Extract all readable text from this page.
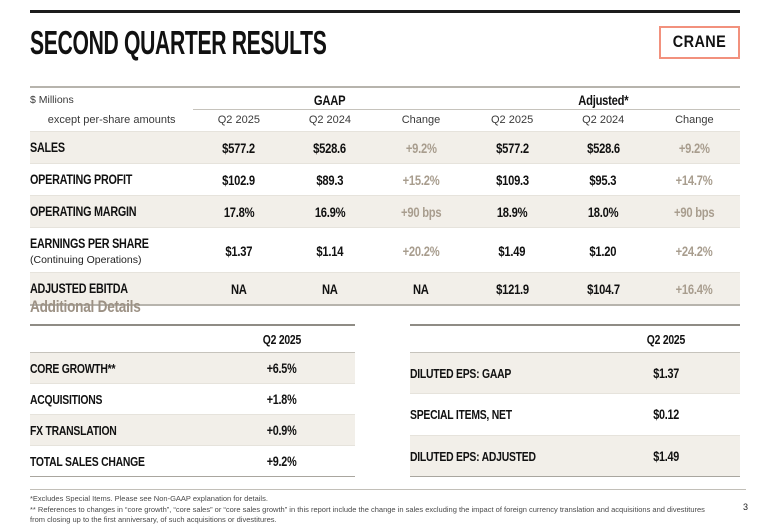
SECOND QUARTER RESULTS	CRANE
$ Millions	GAAP			Adjusted*		
except per-share amounts	Q2 2025	Q2 2024	Change	Q2 2025	Q2 2024	Change
SALES	$577.2	$528.6	+9.2%	$577.2	$528.6	+9.2%
OPERATING PROFIT	$102.9	$89.3	+15.2%	$109.3	$95.3	+14.7%
OPERATING MARGIN	17.8%	16.9%	+90 bps	18.9%	18.0%	+90 bps
EARNINGS PER SHARE
(Continuing Operations)	$1.37	$1.14	+20.2%	$1.49	$1.20	+24.2%
ADJUSTED EBITDA	NA	NA	NA	$121.9	$104.7	+16.4%
Additional Details
	Q2 2025
CORE GROWTH**	+6.5%
ACQUISITIONS	+1.8%
FX TRANSLATION	+0.9%
TOTAL SALES CHANGE	+9.2%
	Q2 2025
DILUTED EPS: GAAP	$1.37
SPECIAL ITEMS, NET	$0.12
DILUTED EPS: ADJUSTED	$1.49

*Excludes Special Items. Please see Non-GAAP explanation for details.

** References to changes in “core growth”, “core sales” or “core sales growth” in this report include the change in sales excluding the impact of foreign currency translation and acquisitions and divestitures from closing up to the first anniversary, of such acquisitions or divestitures.

3
